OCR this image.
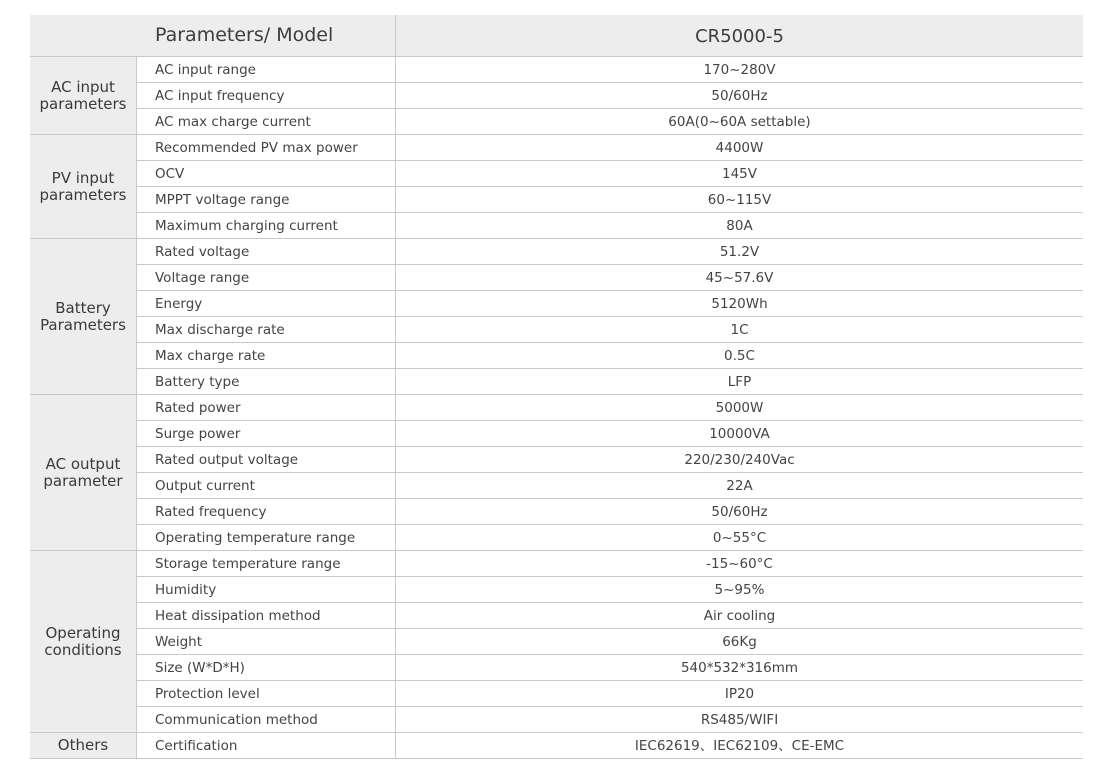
Parameters/ Model	CR5000-5
AC input
parameters
AC input range	170~280V
AC input frequency	50/60Hz
AC max charge current	60A(0~60A settable)
PV input
parameters
Recommended PV max power	4400W
OCV	145V
MPPT voltage range	60~115V
Maximum charging current	80A
Battery
Parameters
Rated voltage	51.2V
Voltage range	45~57.6V
Energy	5120Wh
Max discharge rate	1C
Max charge rate	0.5C
Battery type	LFP
AC output
parameter
Rated power	5000W
Surge power	10000VA
Rated output voltage	220/230/240Vac
Output current	22A
Rated frequency	50/60Hz
Operating temperature range	0~55°C
Operating
conditions
Storage temperature range	-15~60°C
Humidity	5~95%
Heat dissipation method	Air cooling
Weight	66Kg
Size (W*D*H)	540*532*316mm
Protection level	IP20
Communication method	RS485/WIFI
Others	Certification	IEC62619、IEC62109、CE-EMC
